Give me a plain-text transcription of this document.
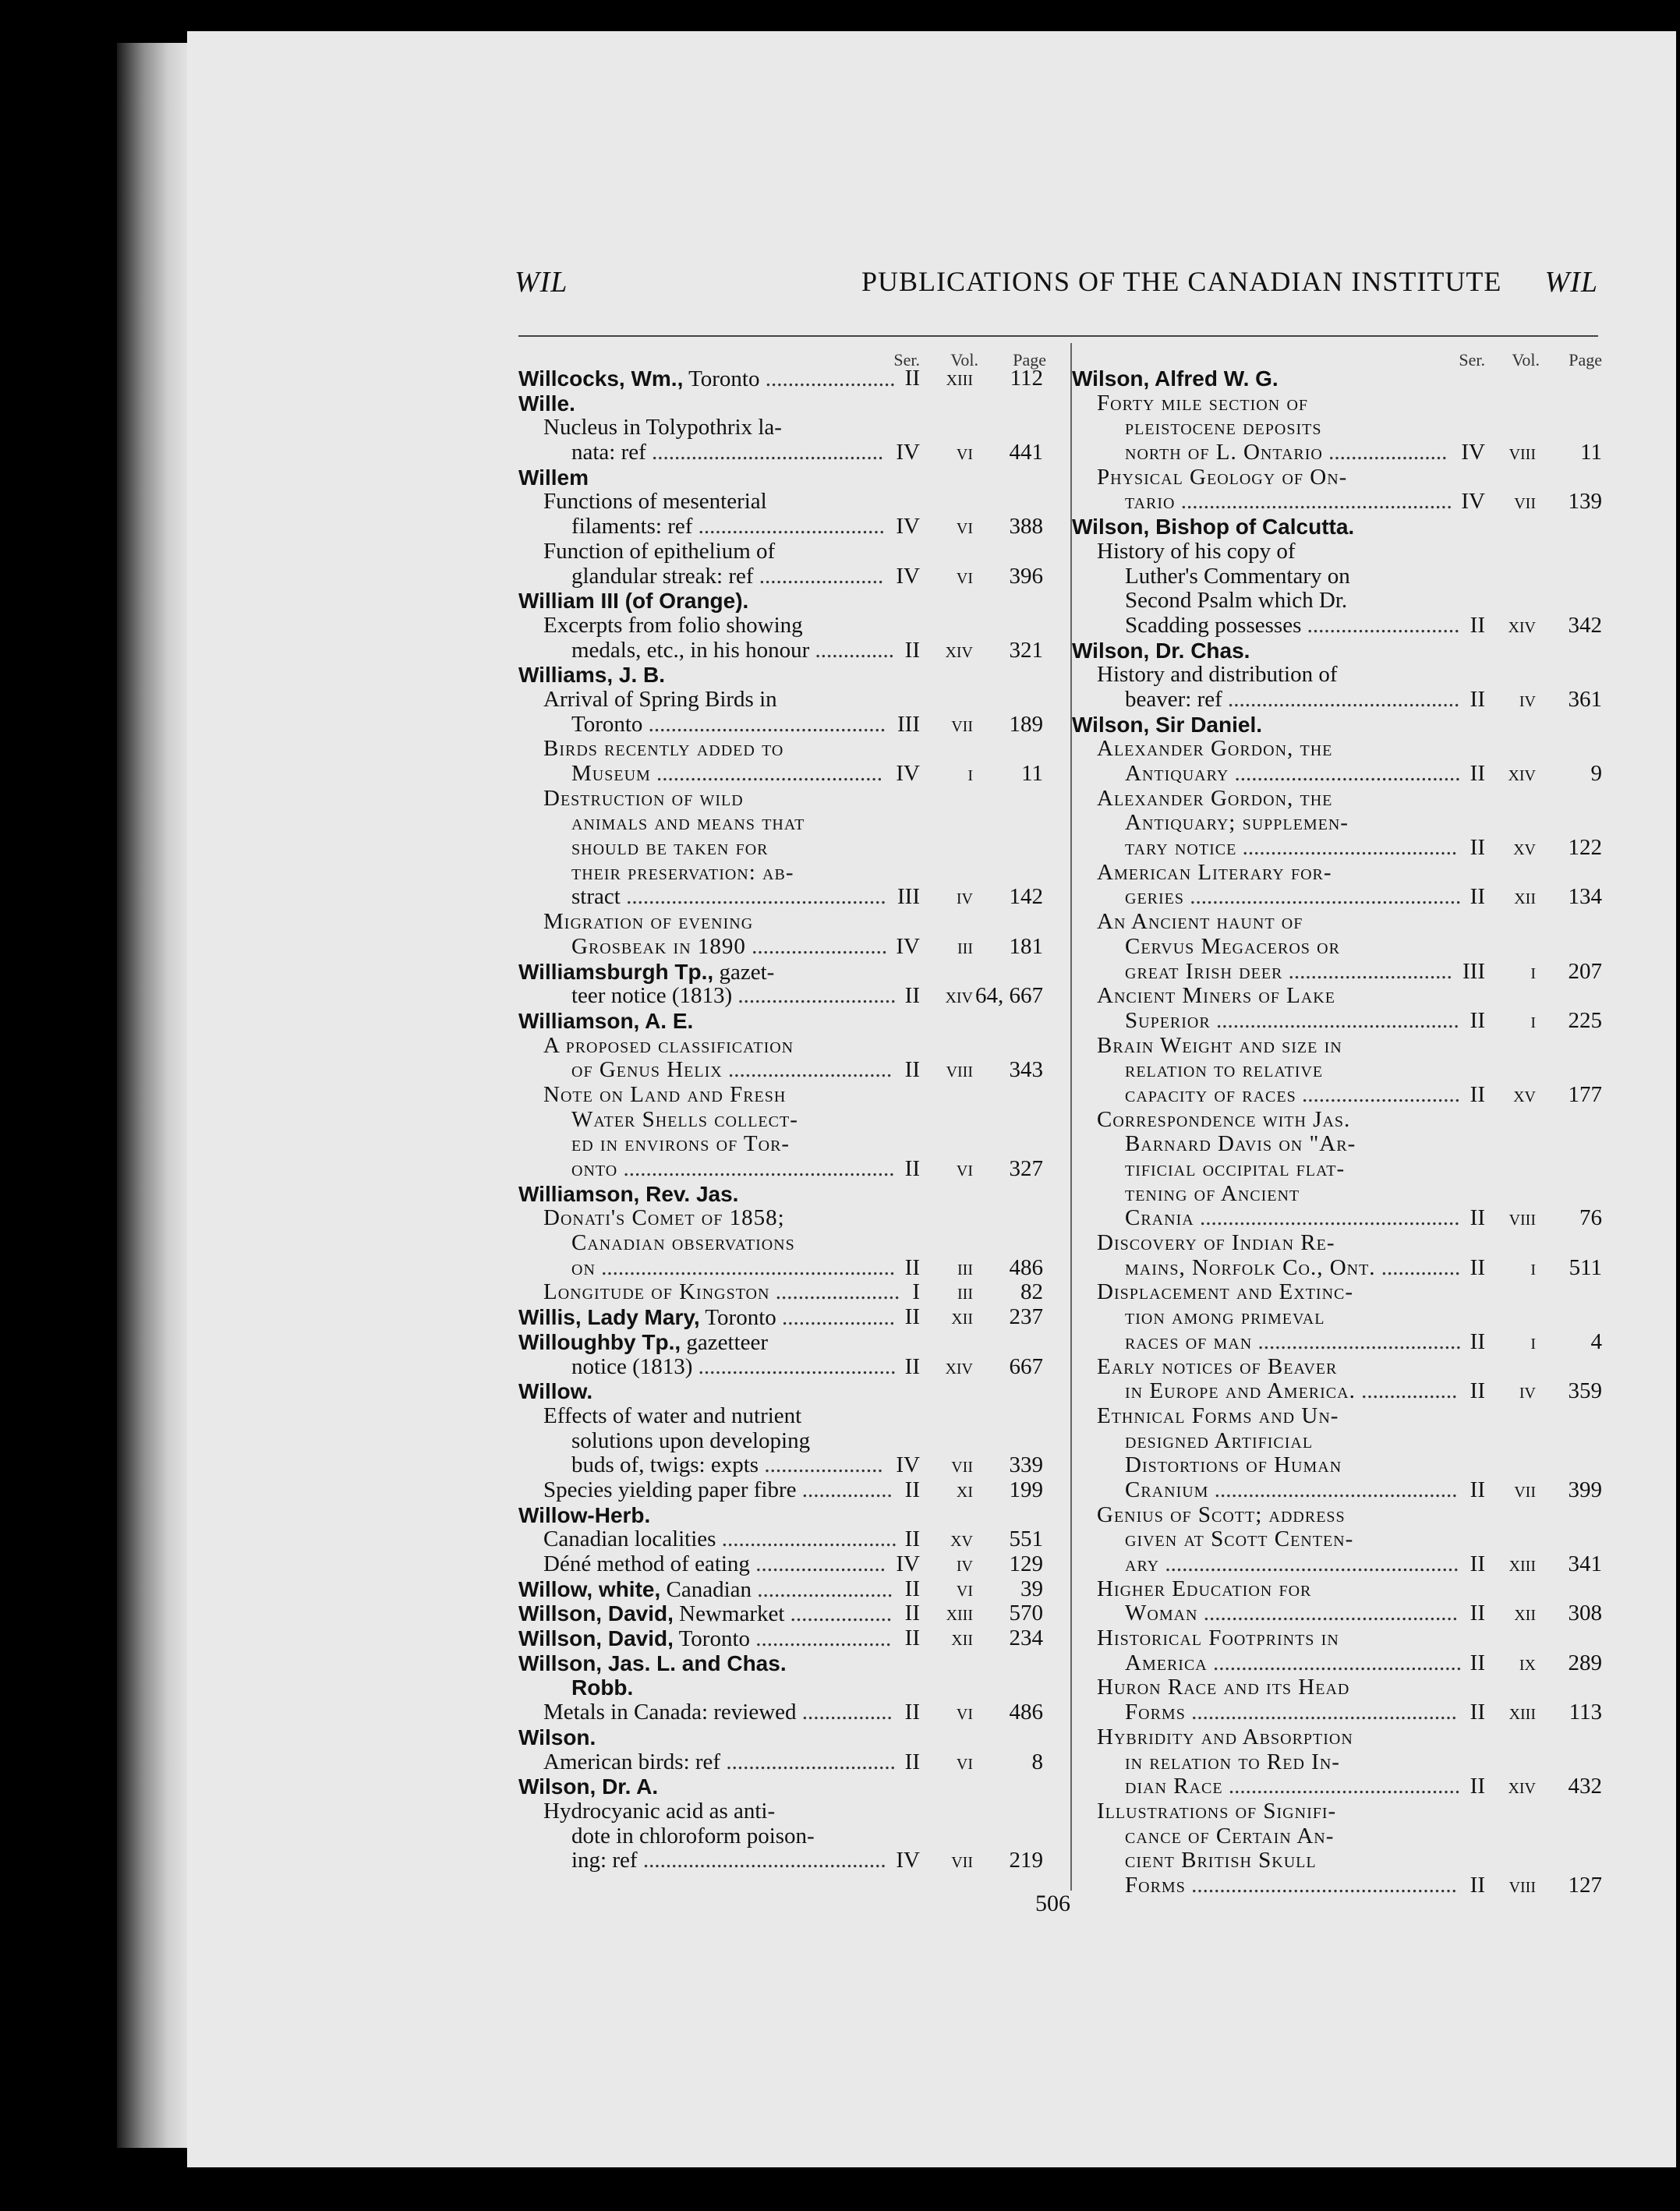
WIL	PUBLICATIONS OF THE CANADIAN INSTITUTE WIL
Ser. Vol. Page
Willcocks, Wm., Toronto ....................... II xiii 112
Wille.
Nucleus in Tolypothrix la-
nata: ref ......................................... IV vi 441
Willem
Functions of mesenterial
filaments: ref ................................. IV vi 388
Function of epithelium of
glandular streak: ref ...................... IV vi 396
William III (of Orange).
Excerpts from folio showing
medals, etc., in his honour .............. II xiv 321
Williams, J. B.
Arrival of Spring Birds in
Toronto .......................................... III vii 189
Birds recently added to
Museum ........................................ IV i 11
Destruction of wild
animals and means that
should be taken for
their preservation: ab-
stract .............................................. III iv 142
Migration of evening
Grosbeak in 1890 ........................ IV iii 181
Williamsburgh Tp., gazet-
teer notice (1813) ............................ II xiv 64, 667
Williamson, A. E.
A proposed classification
of Genus Helix ............................. II viii 343
Note on Land and Fresh
Water Shells collect-
ed in environs of Tor-
onto ................................................ II vi 327
Williamson, Rev. Jas.
Donati's Comet of 1858;
Canadian observations
on .................................................... II iii 486
Longitude of Kingston ...................... I iii 82
Willis, Lady Mary, Toronto .................... II xii 237
Willoughby Tp., gazetteer
notice (1813) ................................... II xiv 667
Willow.
Effects of water and nutrient
solutions upon developing
buds of, twigs: expts ..................... IV vii 339
Species yielding paper fibre ................ II xi 199
Willow-Herb.
Canadian localities ............................... II xv 551
Déné method of eating ....................... IV iv 129
Willow, white, Canadian ........................ II vi 39
Willson, David, Newmarket .................. II xiii 570
Willson, David, Toronto ........................ II xii 234
Willson, Jas. L. and Chas.
Robb.
Metals in Canada: reviewed ................ II vi 486
Wilson.
American birds: ref .............................. II vi	8
Wilson, Dr. A.
Hydrocyanic acid as anti-
dote in chloroform poison-
ing: ref ........................................... IV vii 219
Ser. Vol. Page
Wilson, Alfred W. G.
Forty mile section of
pleistocene deposits
north of L. Ontario ..................... IV viii 11
Physical Geology of On-
tario ................................................ IV vii 139
Wilson, Bishop of Calcutta.
History of his copy of
Luther's Commentary on
Second Psalm which Dr.
Scadding possesses ........................... II xiv 342
Wilson, Dr. Chas.
History and distribution of
beaver: ref ......................................... II iv 361
Wilson, Sir Daniel.
Alexander Gordon, the
Antiquary ........................................ II xiv 9
Alexander Gordon, the
Antiquary; supplemen-
tary notice ...................................... II xv 122
American Literary for-
geries ................................................ II xii 134
An Ancient haunt of
Cervus Megaceros or
great Irish deer ............................. III i 207
Ancient Miners of Lake
Superior ........................................... II i 225
Brain Weight and size in
relation to relative
capacity of races ............................ II xv 177
Correspondence with Jas.
Barnard Davis on "Ar-
tificial occipital flat-
tening of Ancient
Crania .............................................. II viii 76
Discovery of Indian Re-
mains, Norfolk Co., Ont. .............. II i 511
Displacement and Extinc-
tion among primeval
races of man .................................... II i 4
Early notices of Beaver
in Europe and America. ................. II iv 359
Ethnical Forms and Un-
designed Artificial
Distortions of Human
Cranium ........................................... II vii 399
Genius of Scott; address
given at Scott Centen-
ary .................................................... II xiii 341
Higher Education for
Woman ............................................. II xii 308
Historical Footprints in
America ............................................ II ix 289
Huron Race and its Head
Forms ............................................... II xiii 113
Hybridity and Absorption
in relation to Red In-
dian Race ......................................... II xiv 432
Illustrations of Signifi-
cance of Certain An-
cient British Skull
Forms ............................................... II viii 127
506
